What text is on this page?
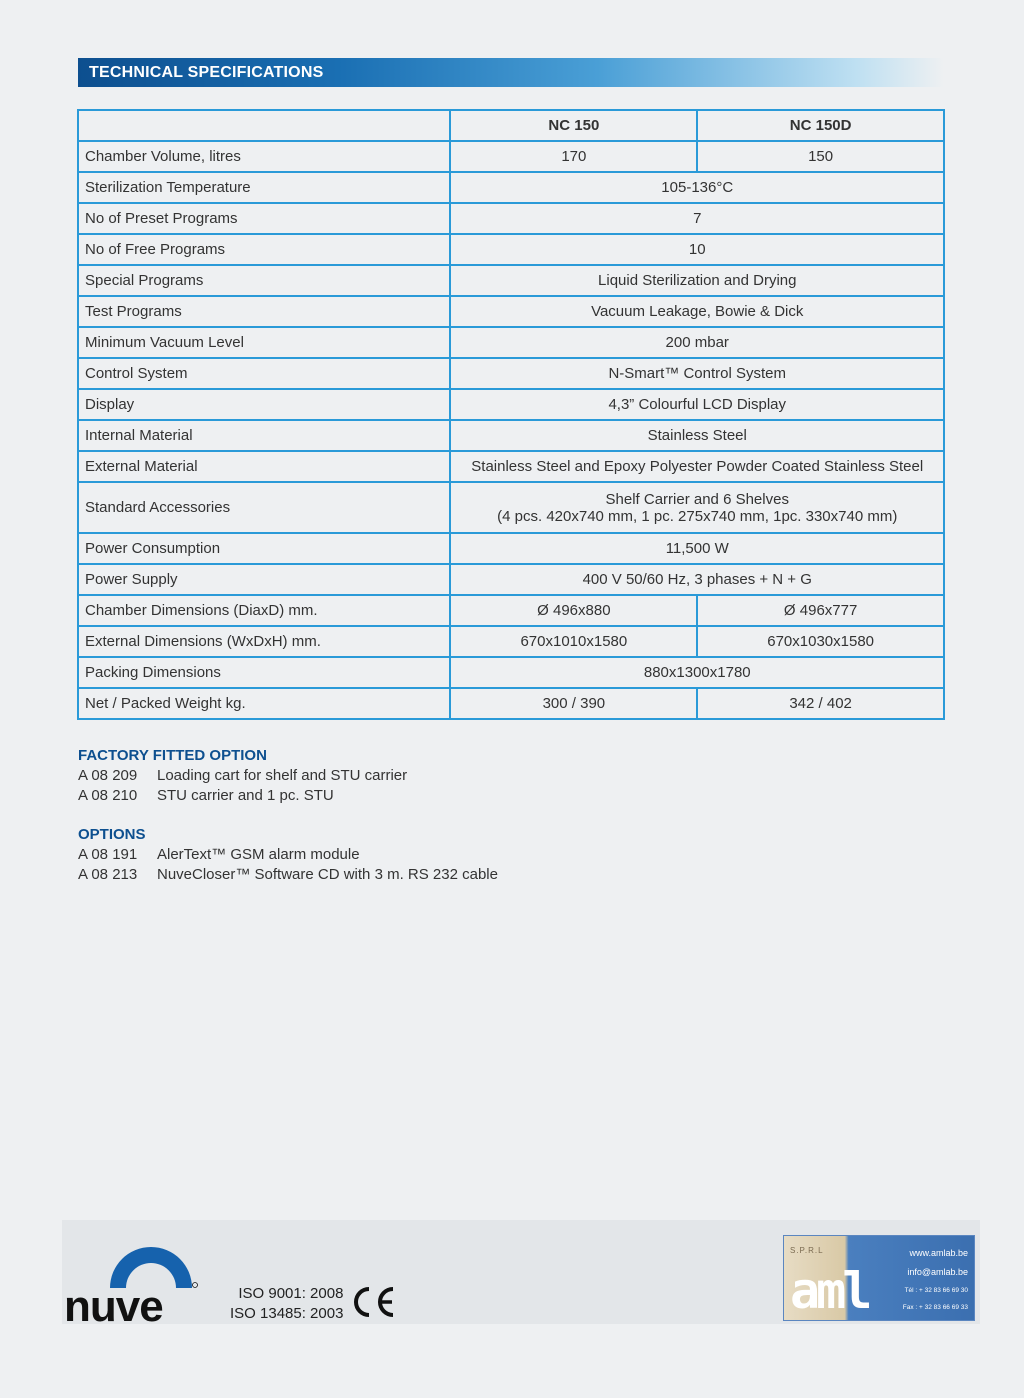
TECHNICAL SPECIFICATIONS
	NC 150	NC 150D
Chamber Volume, litres	170	150
Sterilization Temperature	105-136°C	
No of Preset Programs	7	
No of Free Programs	10	
Special Programs	Liquid Sterilization and Drying	
Test Programs	Vacuum Leakage, Bowie & Dick	
Minimum Vacuum Level	200 mbar	
Control System	N-Smart™ Control System	
Display	4,3” Colourful LCD Display	
Internal Material	Stainless Steel	
External Material	Stainless Steel and Epoxy Polyester Powder Coated Stainless Steel	
Standard Accessories	Shelf Carrier and 6 Shelves
(4 pcs. 420x740 mm, 1 pc. 275x740 mm, 1pc. 330x740 mm)	

Power Consumption	11,500 W	
Power Supply	400 V 50/60 Hz, 3 phases + N + G	
Chamber Dimensions (DiaxD) mm.	Ø 496x880	Ø 496x777
External Dimensions (WxDxH) mm.	670x1010x1580	670x1030x1580
Packing Dimensions	880x1300x1780	
Net / Packed Weight kg.	300 / 390	342 / 402
FACTORY FITTED OPTION
A 08 209	Loading cart for shelf and STU carrier
A 08 210	STU carrier and 1 pc. STU
OPTIONS
A 08 191	AlerText™ GSM alarm module
A 08 213	NuveCloser™ Software CD with 3 m. RS 232 cable
nuve	ISO 9001: 2008
ISO 13485: 2003
S.P.R.L
aml
www.amlab.be
info@amlab.be
Tél : + 32 83 66 69 30
Fax : + 32 83 66 69 33
